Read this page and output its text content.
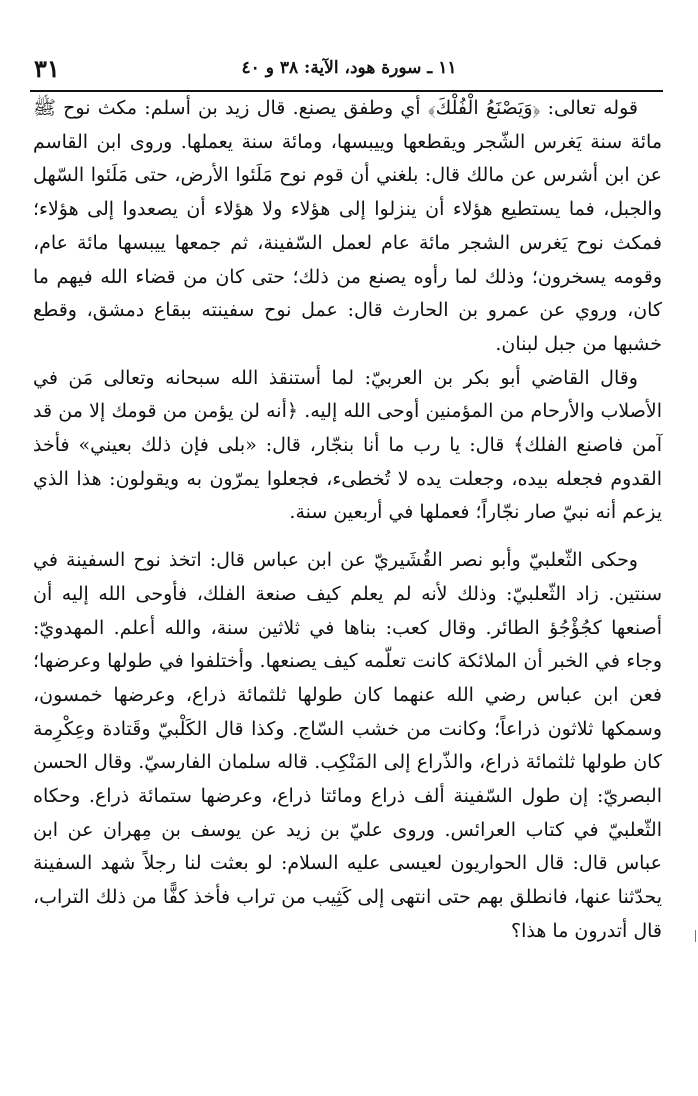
١١ ـ سورة هود، الآية: ٣٨ و ٤٠
٣١

قوله تعالى: ﴿وَيَصْنَعُ الْفُلْكَ﴾ أي وطفق يصنع. قال زيد بن أسلم: مكث نوح ﷺ مائة سنة يَغرس الشّجر ويقطعها وييبسها، ومائة سنة يعملها. وروى ابن القاسم عن ابن أشرس عن مالك قال: بلغني أن قوم نوح مَلَئوا الأرض، حتى مَلَئوا السّهل والجبل، فما يستطيع هؤلاء أن ينزلوا إلى هؤلاء ولا هؤلاء أن يصعدوا إلى هؤلاء؛ فمكث نوح يَغرس الشجر مائة عام لعمل السّفينة، ثم جمعها ييبسها مائة عام، وقومه يسخرون؛ وذلك لما رأوه يصنع من ذلك؛ حتى كان من قضاء الله فيهم ما كان، وروي عن عمرو بن الحارث قال: عمل نوح سفينته ببقاع دمشق، وقطع خشبها من جبل لبنان.

وقال القاضي أبو بكر بن العربيّ: لما أستنقذ الله سبحانه وتعالى مَن في الأصلاب والأرحام من المؤمنين أوحى الله إليه. ﴿أنه لن يؤمن من قومك إلا من قد آمن فاصنع الفلك﴾ قال: يا رب ما أنا بنجّار، قال: «بلى فإن ذلك بعيني» فأخذ القدوم فجعله بيده، وجعلت يده لا تُخطىء، فجعلوا يمرّون به ويقولون: هذا الذي يزعم أنه نبيّ صار نجّاراً؛ فعملها في أربعين سنة.

وحكى الثّعلبيّ وأبو نصر القُشَيريّ عن ابن عباس قال: اتخذ نوح السفينة في سنتين. زاد الثّعلبيّ: وذلك لأنه لم يعلم كيف صنعة الفلك، فأوحى الله إليه أن أصنعها كجُؤْجُؤ الطائر. وقال كعب: بناها في ثلاثين سنة، والله أعلم. المهدويّ: وجاء في الخبر أن الملائكة كانت تعلّمه كيف يصنعها. وأختلفوا في طولها وعرضها؛ فعن ابن عباس رضي الله عنهما كان طولها ثلثمائة ذراع، وعرضها خمسون، وسمكها ثلاثون ذراعاً؛ وكانت من خشب السّاج. وكذا قال الكَلْبيّ وقَتادة وعِكْرِمة كان طولها ثلثمائة ذراع، والذّراع إلى المَنْكِب. قاله سلمان الفارسيّ. وقال الحسن البصريّ: إن طول السّفينة ألف ذراع ومائتا ذراع، وعرضها ستمائة ذراع. وحكاه الثّعلبيّ في كتاب العرائس. وروى عليّ بن زيد عن يوسف بن مِهران عن ابن عباس قال: قال الحواريون لعيسى عليه السلام: لو بعثت لنا رجلاً شهد السفينة يحدّثنا عنها، فانطلق بهم حتى انتهى إلى كَثِيب من تراب فأخذ كفًّا من ذلك التراب، قال أتدرون ما هذا؟
